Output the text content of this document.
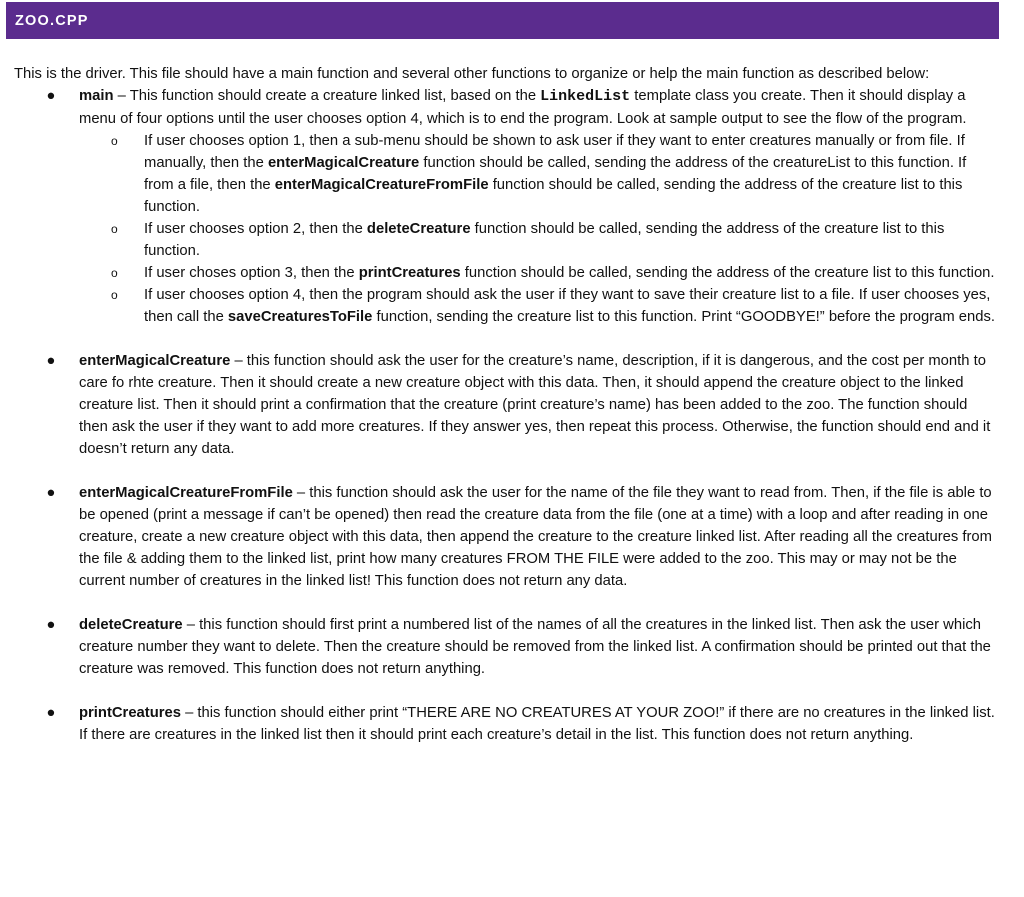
ZOO.CPP

This is the driver. This file should have a main function and several other functions to organize or help the main function as described below:

● main – This function should create a creature linked list, based on the LinkedList template class you create. Then it should display a menu of four options until the user chooses option 4, which is to end the program. Look at sample output to see the flow of the program.
o If user chooses option 1, then a sub-menu should be shown to ask user if they want to enter creatures manually or from file. If manually, then the enterMagicalCreature function should be called, sending the address of the creatureList to this function. If from a file, then the enterMagicalCreatureFromFile function should be called, sending the address of the creature list to this function.
o If user chooses option 2, then the deleteCreature function should be called, sending the address of the creature list to this function.
o If user choses option 3, then the printCreatures function should be called, sending the address of the creature list to this function.
o If user chooses option 4, then the program should ask the user if they want to save their creature list to a file. If user chooses yes, then call the saveCreaturesToFile function, sending the creature list to this function. Print “GOODBYE!” before the program ends.
● enterMagicalCreature – this function should ask the user for the creature’s name, description, if it is dangerous, and the cost per month to care fo rhte creature. Then it should create a new creature object with this data. Then, it should append the creature object to the linked creature list. Then it should print a confirmation that the creature (print creature’s name) has been added to the zoo. The function should then ask the user if they want to add more creatures. If they answer yes, then repeat this process. Otherwise, the function should end and it doesn’t return any data.
● enterMagicalCreatureFromFile – this function should ask the user for the name of the file they want to read from. Then, if the file is able to be opened (print a message if can’t be opened) then read the creature data from the file (one at a time) with a loop and after reading in one creature, create a new creature object with this data, then append the creature to the creature linked list. After reading all the creatures from the file & adding them to the linked list, print how many creatures FROM THE FILE were added to the zoo. This may or may not be the current number of creatures in the linked list! This function does not return any data.
● deleteCreature – this function should first print a numbered list of the names of all the creatures in the linked list. Then ask the user which creature number they want to delete. Then the creature should be removed from the linked list. A confirmation should be printed out that the creature was removed. This function does not return anything.
● printCreatures – this function should either print “THERE ARE NO CREATURES AT YOUR ZOO!” if there are no creatures in the linked list. If there are creatures in the linked list then it should print each creature’s detail in the list. This function does not return anything.
